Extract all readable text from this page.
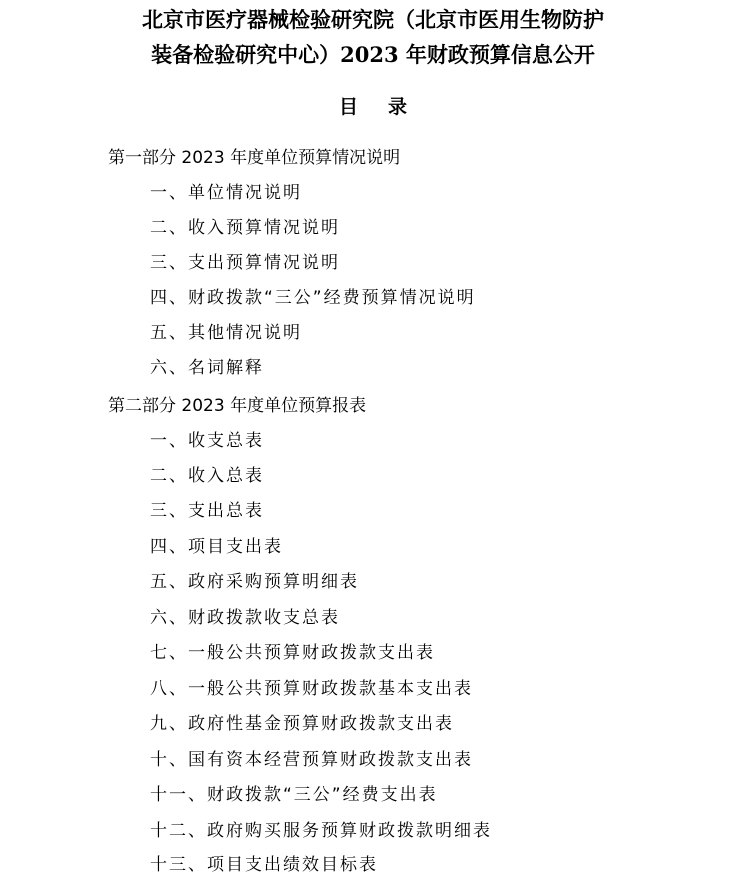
北京市医疗器械检验研究院（北京市医用生物防护
装备检验研究中心）2023 年财政预算信息公开
目录
第一部分 2023 年度单位预算情况说明
一、单位情况说明
二、收入预算情况说明
三、支出预算情况说明
四、财政拨款“三公”经费预算情况说明
五、其他情况说明
六、名词解释
第二部分 2023 年度单位预算报表
一、收支总表
二、收入总表
三、支出总表
四、项目支出表
五、政府采购预算明细表
六、财政拨款收支总表
七、一般公共预算财政拨款支出表
八、一般公共预算财政拨款基本支出表
九、政府性基金预算财政拨款支出表
十、国有资本经营预算财政拨款支出表
十一、财政拨款“三公”经费支出表
十二、政府购买服务预算财政拨款明细表
十三、项目支出绩效目标表
